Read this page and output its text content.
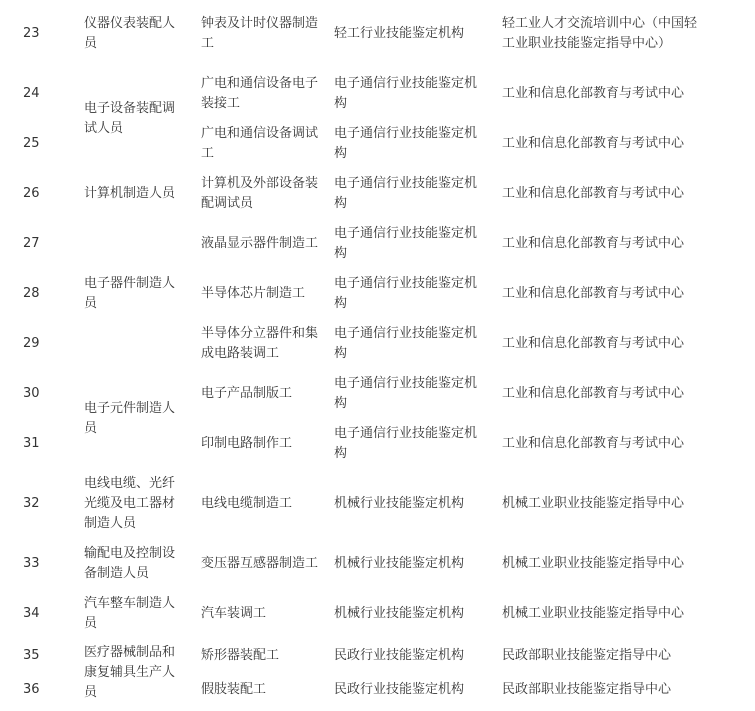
23	仪器仪表装配人员	钟表及计时仪器制造工	轻工行业技能鉴定机构	轻工业人才交流培训中心（中国轻工业职业技能鉴定指导中心）
24	电子设备装配调试人员	广电和通信设备电子装接工	电子通信行业技能鉴定机构	工业和信息化部教育与考试中心
25		广电和通信设备调试工	电子通信行业技能鉴定机构	工业和信息化部教育与考试中心
26	计算机制造人员	计算机及外部设备装配调试员	电子通信行业技能鉴定机构	工业和信息化部教育与考试中心
27	电子器件制造人员	液晶显示器件制造工	电子通信行业技能鉴定机构	工业和信息化部教育与考试中心
28		半导体芯片制造工	电子通信行业技能鉴定机构	工业和信息化部教育与考试中心
29		半导体分立器件和集成电路装调工	电子通信行业技能鉴定机构	工业和信息化部教育与考试中心
30	电子元件制造人员	电子产品制版工	电子通信行业技能鉴定机构	工业和信息化部教育与考试中心
31		印制电路制作工	电子通信行业技能鉴定机构	工业和信息化部教育与考试中心
32	电线电缆、光纤光缆及电工器材制造人员	电线电缆制造工	机械行业技能鉴定机构	机械工业职业技能鉴定指导中心
33	输配电及控制设备制造人员	变压器互感器制造工	机械行业技能鉴定机构	机械工业职业技能鉴定指导中心
34	汽车整车制造人员	汽车装调工	机械行业技能鉴定机构	机械工业职业技能鉴定指导中心
35	医疗器械制品和康复辅具生产人员	矫形器装配工	民政行业技能鉴定机构	民政部职业技能鉴定指导中心
36		假肢装配工	民政行业技能鉴定机构	民政部职业技能鉴定指导中心
